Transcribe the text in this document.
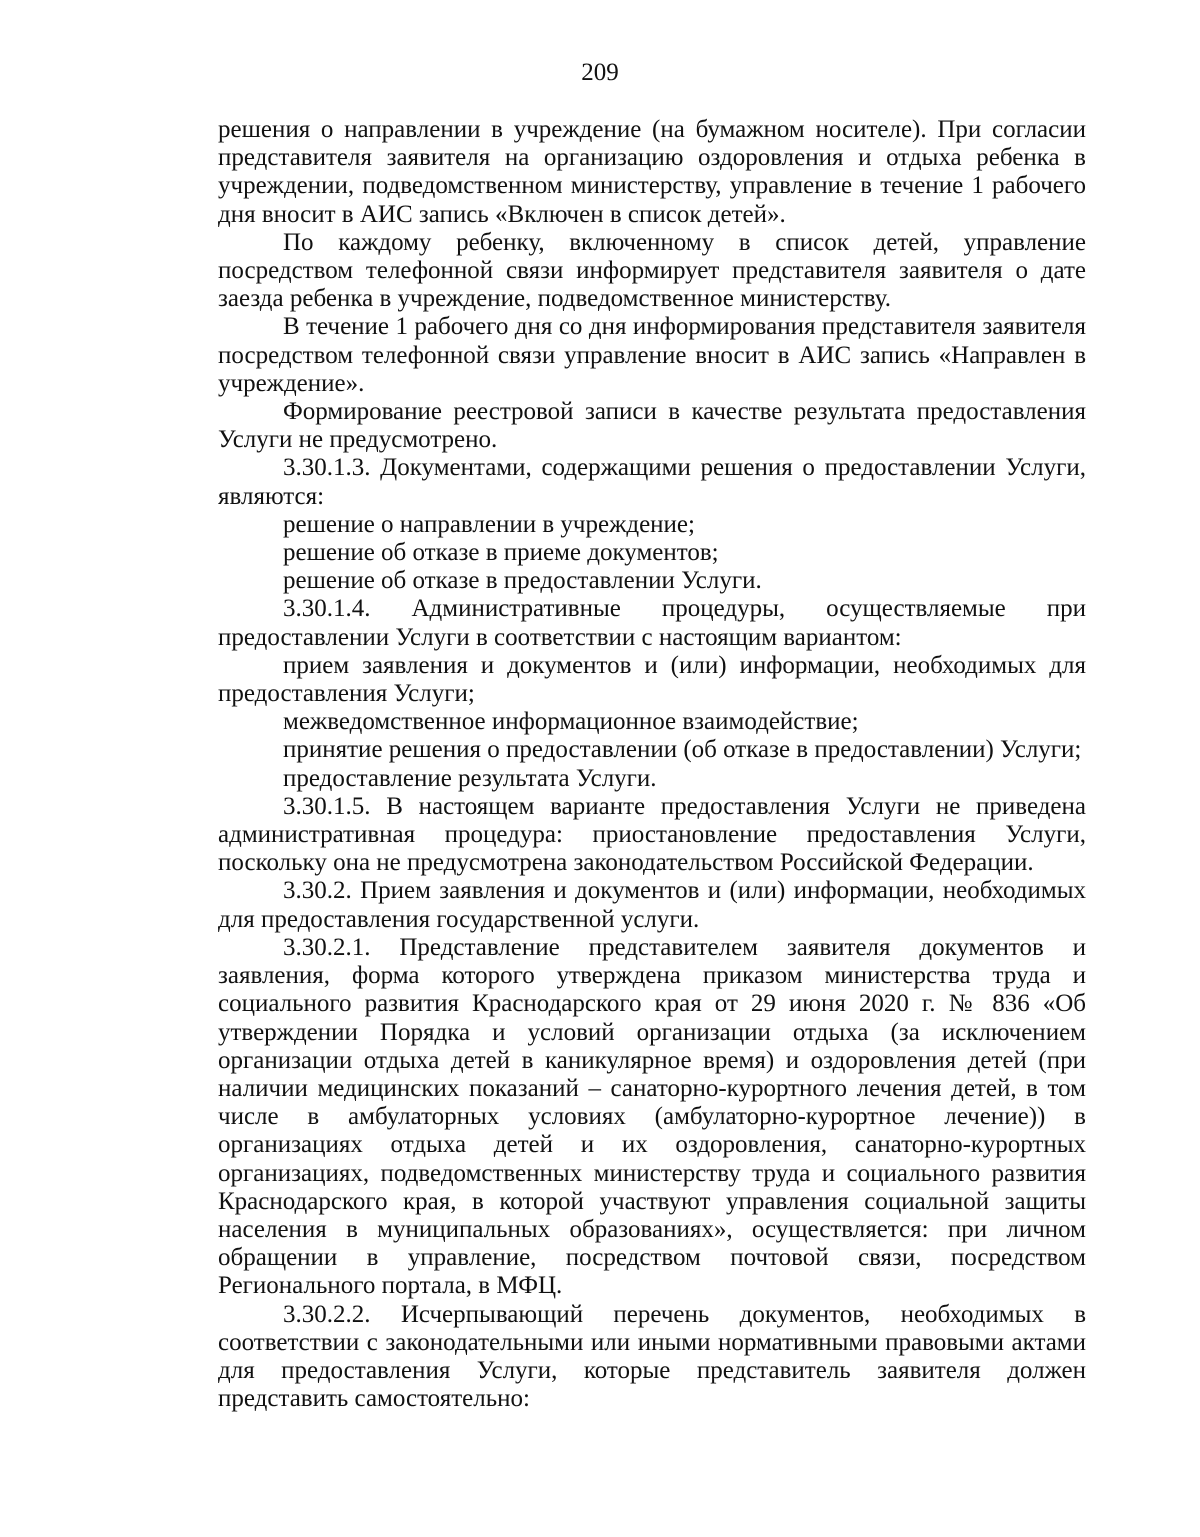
209

решения о направлении в учреждение (на бумажном носителе). При согласии представителя заявителя на организацию оздоровления и отдыха ребенка в учреждении, подведомственном министерству, управление в течение 1 рабочего дня вносит в АИС запись «Включен в список детей».

По каждому ребенку, включенному в список детей, управление посредством телефонной связи информирует представителя заявителя о дате заезда ребенка в учреждение, подведомственное министерству.

В течение 1 рабочего дня со дня информирования представителя заявителя посредством телефонной связи управление вносит в АИС запись «Направлен в учреждение».

Формирование реестровой записи в качестве результата предоставления Услуги не предусмотрено.

3.30.1.3. Документами, содержащими решения о предоставлении Услуги, являются:

решение о направлении в учреждение;

решение об отказе в приеме документов;

решение об отказе в предоставлении Услуги.

3.30.1.4. Административные процедуры, осуществляемые при предоставлении Услуги в соответствии с настоящим вариантом:

прием заявления и документов и (или) информации, необходимых для предоставления Услуги;

межведомственное информационное взаимодействие;

принятие решения о предоставлении (об отказе в предоставлении) Услуги;

предоставление результата Услуги.

3.30.1.5. В настоящем варианте предоставления Услуги не приведена административная процедура: приостановление предоставления Услуги, поскольку она не предусмотрена законодательством Российской Федерации.

3.30.2. Прием заявления и документов и (или) информации, необходимых для предоставления государственной услуги.

3.30.2.1. Представление представителем заявителя документов и заявления, форма которого утверждена приказом министерства труда и социального развития Краснодарского края от 29 июня 2020 г. № 836 «Об утверждении Порядка и условий организации отдыха (за исключением организации отдыха детей в каникулярное время) и оздоровления детей (при наличии медицинских показаний – санаторно-курортного лечения детей, в том числе в амбулаторных условиях (амбулаторно-курортное лечение)) в организациях отдыха детей и их оздоровления, санаторно-курортных организациях, подведомственных министерству труда и социального развития Краснодарского края, в которой участвуют управления социальной защиты населения в муниципальных образованиях», осуществляется: при личном обращении в управление, посредством почтовой связи, посредством Регионального портала, в МФЦ.

3.30.2.2. Исчерпывающий перечень документов, необходимых в соответствии с законодательными или иными нормативными правовыми актами для предоставления Услуги, которые представитель заявителя должен представить самостоятельно:
